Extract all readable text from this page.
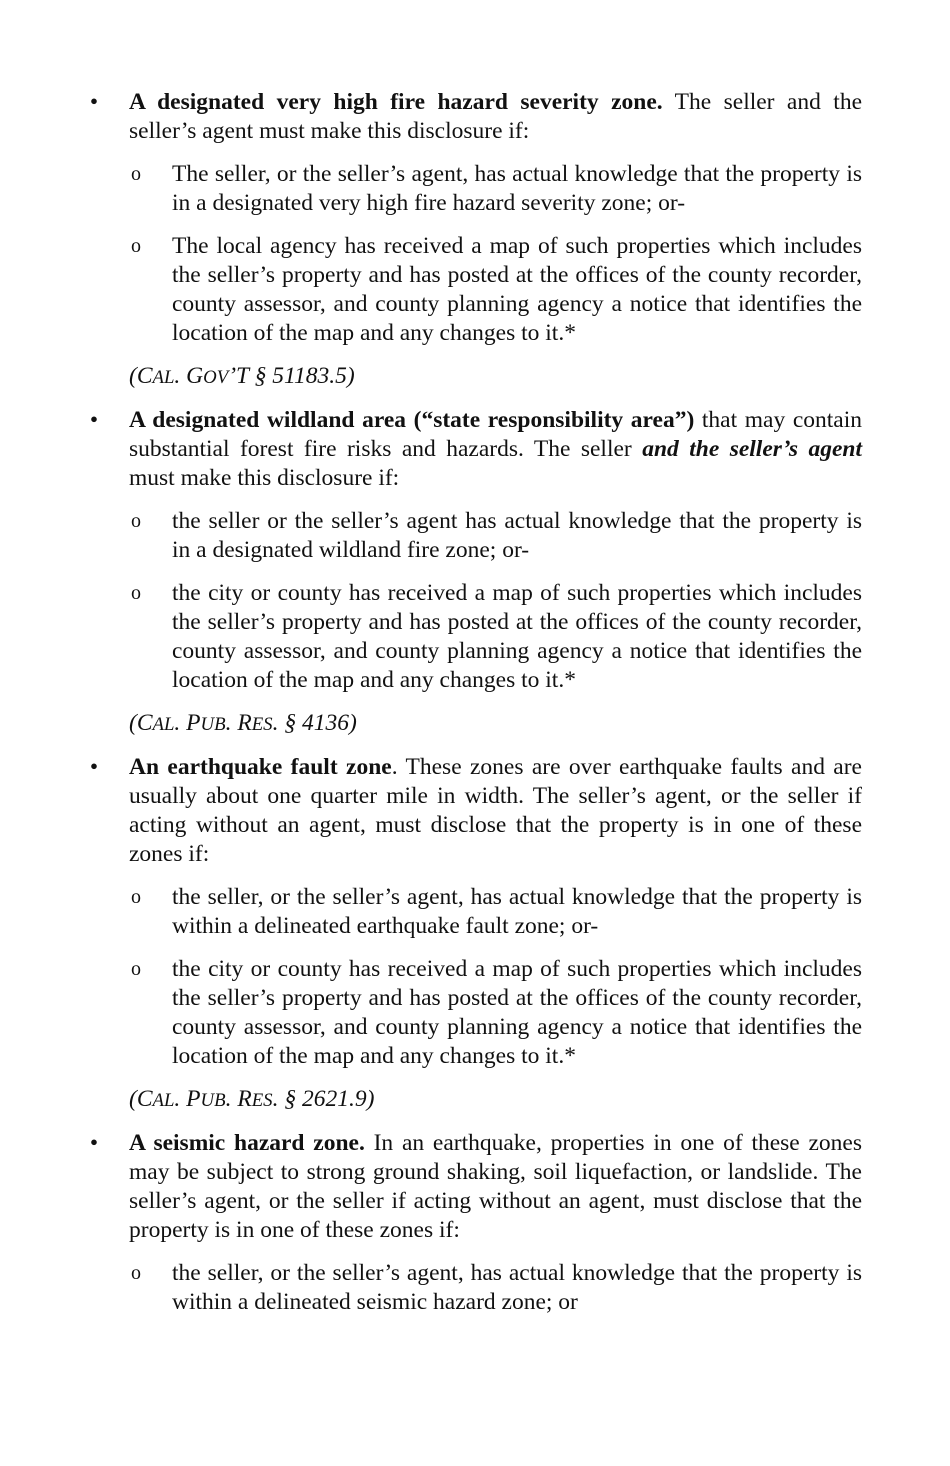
• A designated very high fire hazard severity zone. The seller and the seller’s agent must make this disclosure if:
o The seller, or the seller’s agent, has actual knowledge that the property is in a designated very high fire hazard severity zone; or-
o The local agency has received a map of such properties which includes the seller’s property and has posted at the offices of the county recorder, county assessor, and county planning agency a notice that identifies the location of the map and any changes to it.*
(CAL. GOV’T § 51183.5)
• A designated wildland area (“state responsibility area”) that may contain substantial forest fire risks and hazards. The seller and the seller’s agent must make this disclosure if:
o the seller or the seller’s agent has actual knowledge that the property is in a designated wildland fire zone; or-
o the city or county has received a map of such properties which includes the seller’s property and has posted at the offices of the county recorder, county assessor, and county planning agency a notice that identifies the location of the map and any changes to it.*
(CAL. PUB. RES. § 4136)
• An earthquake fault zone. These zones are over earthquake faults and are usually about one quarter mile in width. The seller’s agent, or the seller if acting without an agent, must disclose that the property is in one of these zones if:
o the seller, or the seller’s agent, has actual knowledge that the property is within a delineated earthquake fault zone; or-
o the city or county has received a map of such properties which includes the seller’s property and has posted at the offices of the county recorder, county assessor, and county planning agency a notice that identifies the location of the map and any changes to it.*
(CAL. PUB. RES. § 2621.9)
• A seismic hazard zone. In an earthquake, properties in one of these zones may be subject to strong ground shaking, soil liquefaction, or landslide. The seller’s agent, or the seller if acting without an agent, must disclose that the property is in one of these zones if:
o the seller, or the seller’s agent, has actual knowledge that the property is within a delineated seismic hazard zone; or
